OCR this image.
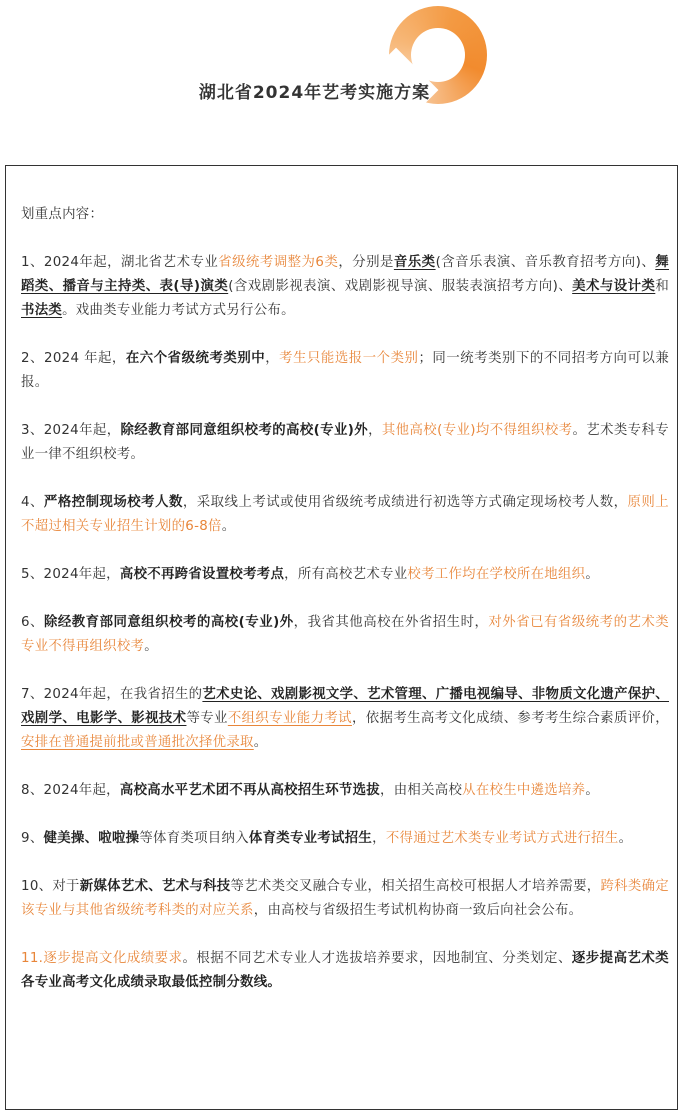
湖北省2024年艺考实施方案

划重点内容：

1、2024年起，湖北省艺术专业省级统考调整为6类，分别是音乐类(含音乐表演、音乐教育招考方向)、舞蹈类、播音与主持类、表(导)演类(含戏剧影视表演、戏剧影视导演、服装表演招考方向)、美术与设计类和书法类。戏曲类专业能力考试方式另行公布。

2、2024 年起，在六个省级统考类别中，考生只能选报一个类别；同一统考类别下的不同招考方向可以兼报。

3、2024年起，除经教育部同意组织校考的高校(专业)外，其他高校(专业)均不得组织校考。艺术类专科专业一律不组织校考。

4、严格控制现场校考人数，采取线上考试或使用省级统考成绩进行初选等方式确定现场校考人数，原则上不超过相关专业招生计划的6-8倍。

5、2024年起，高校不再跨省设置校考考点，所有高校艺术专业校考工作均在学校所在地组织。

6、除经教育部同意组织校考的高校(专业)外，我省其他高校在外省招生时，对外省已有省级统考的艺术类专业不得再组织校考。

7、2024年起，在我省招生的艺术史论、戏剧影视文学、艺术管理、广播电视编导、非物质文化遗产保护、戏剧学、电影学、影视技术等专业不组织专业能力考试，依据考生高考文化成绩、参考考生综合素质评价，安排在普通提前批或普通批次择优录取。

8、2024年起，高校高水平艺术团不再从高校招生环节选拔，由相关高校从在校生中遴选培养。

9、健美操、啦啦操等体育类项目纳入体育类专业考试招生，不得通过艺术类专业考试方式进行招生。

10、对于新媒体艺术、艺术与科技等艺术类交叉融合专业，相关招生高校可根据人才培养需要，跨科类确定该专业与其他省级统考科类的对应关系，由高校与省级招生考试机构协商一致后向社会公布。

11.逐步提高文化成绩要求。根据不同艺术专业人才选拔培养要求，因地制宜、分类划定、逐步提高艺术类各专业高考文化成绩录取最低控制分数线。
